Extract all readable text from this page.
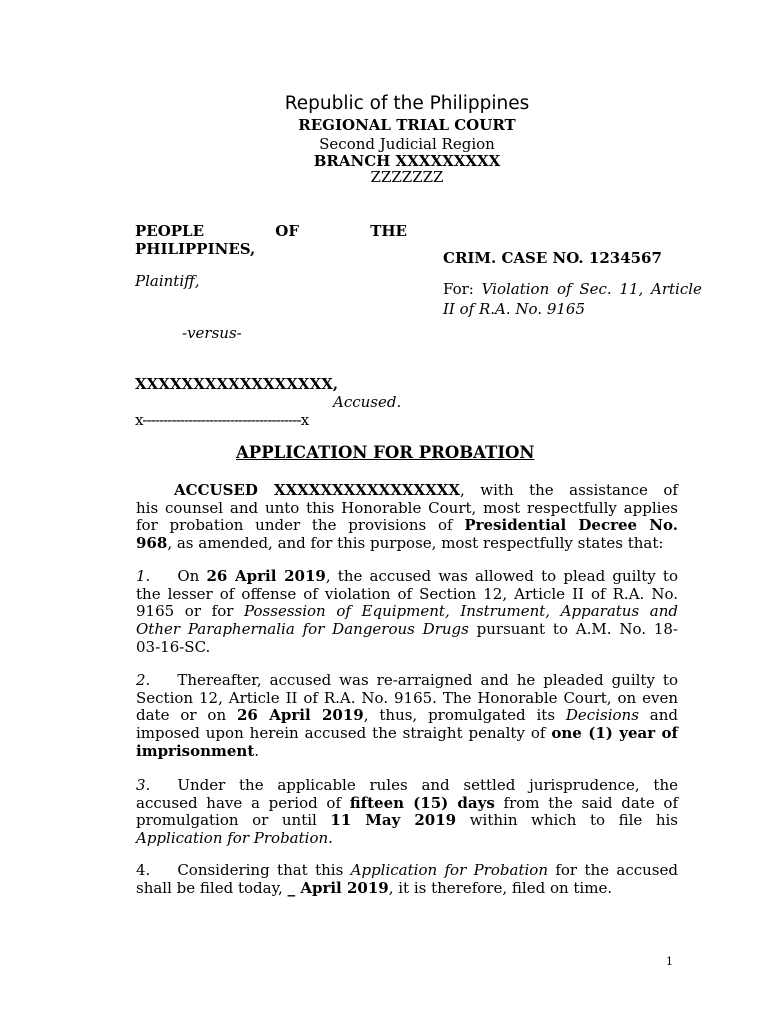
Republic of the Philippines
REGIONAL TRIAL COURT
Second Judicial Region
BRANCH XXXXXXXXX
ZZZZZZZ
PEOPLE	OF	THE
PHILIPPINES,
Plaintiff,
-versus-
XXXXXXXXXXXXXXXXX,
Accused.
x--------------------------------------x
CRIM. CASE NO. 1234567
For: Violation of Sec. 11, Article
II of R.A. No. 9165
APPLICATION FOR PROBATION
ACCUSED XXXXXXXXXXXXXXXX, with the assistance of
his counsel and unto this Honorable Court, most respectfully applies
for probation under the provisions of Presidential Decree No.
968, as amended, and for this purpose, most respectfully states that:
1. On 26 April 2019, the accused was allowed to plead guilty to
the lesser of offense of violation of Section 12, Article II of R.A. No.
9165 or for Possession of Equipment, Instrument, Apparatus and
Other Paraphernalia for Dangerous Drugs pursuant to A.M. No. 18-
03-16-SC.
2. Thereafter, accused was re-arraigned and he pleaded guilty to
Section 12, Article II of R.A. No. 9165. The Honorable Court, on even
date or on 26 April 2019, thus, promulgated its Decisions and
imposed upon herein accused the straight penalty of one (1) year of
imprisonment.
3. Under the applicable rules and settled jurisprudence, the
accused have a period of fifteen (15) days from the said date of
promulgation or until 11 May 2019 within which to file his
Application for Probation.
4. Considering that this Application for Probation for the accused
shall be filed today, _ April 2019, it is therefore, filed on time.
1
